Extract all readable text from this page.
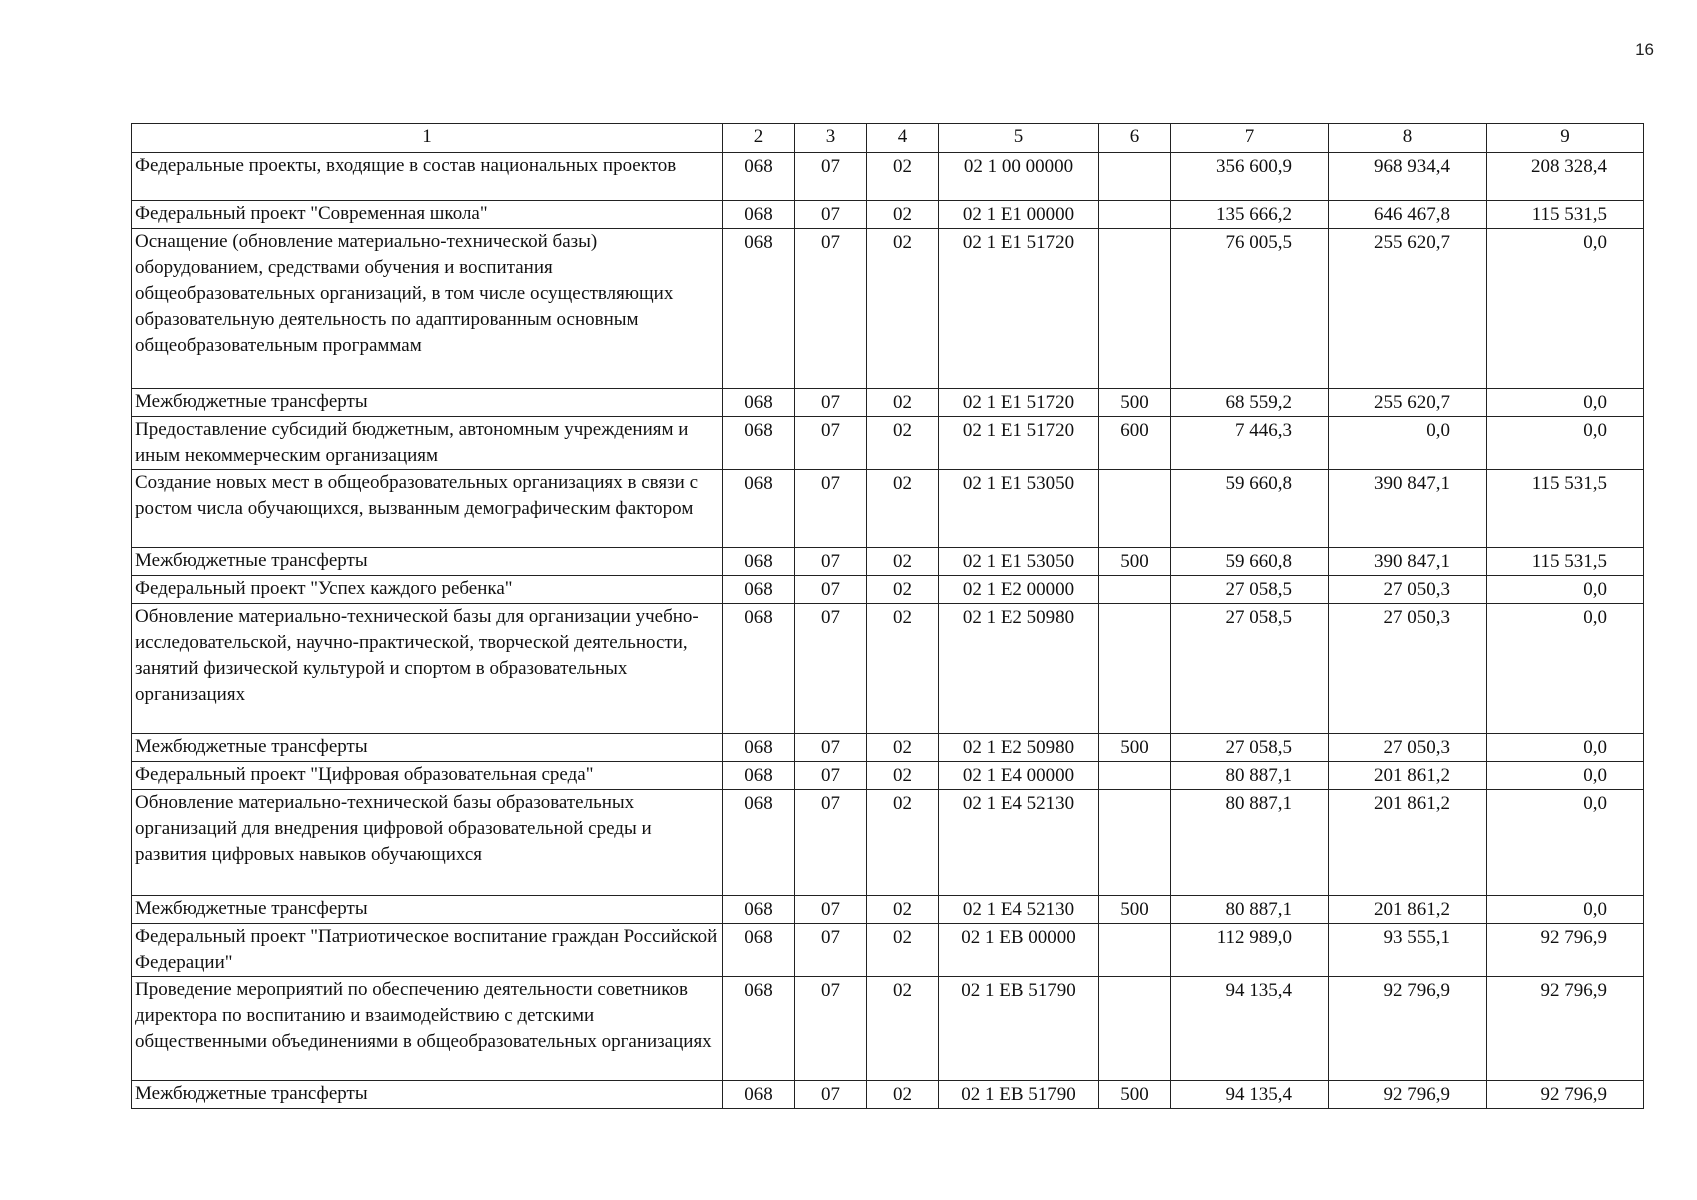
16
1	2	3	4	5	6	7	8	9
Федеральные проекты, входящие в состав национальных проектов	068	07	02	02 1 00 00000		356 600,9	968 934,4	208 328,4
Федеральный проект "Современная школа"	068	07	02	02 1 E1 00000		135 666,2	646 467,8	115 531,5
Оснащение (обновление материально-технической базы) оборудованием, средствами обучения и воспитания общеобразовательных организаций, в том числе осуществляющих образовательную деятельность по адаптированным основным общеобразовательным программам	068	07	02	02 1 E1 51720		76 005,5	255 620,7	0,0
Межбюджетные трансферты	068	07	02	02 1 E1 51720	500	68 559,2	255 620,7	0,0
Предоставление субсидий бюджетным, автономным учреждениям и иным некоммерческим организациям	068	07	02	02 1 E1 51720	600	7 446,3	0,0	0,0
Создание новых мест в общеобразовательных организациях в связи с ростом числа обучающихся, вызванным демографическим фактором	068	07	02	02 1 E1 53050		59 660,8	390 847,1	115 531,5
Межбюджетные трансферты	068	07	02	02 1 E1 53050	500	59 660,8	390 847,1	115 531,5
Федеральный проект "Успех каждого ребенка"	068	07	02	02 1 E2 00000		27 058,5	27 050,3	0,0
Обновление материально-технической базы для организации учебно-исследовательской, научно-практической, творческой деятельности, занятий физической культурой и спортом в образовательных организациях	068	07	02	02 1 E2 50980		27 058,5	27 050,3	0,0
Межбюджетные трансферты	068	07	02	02 1 E2 50980	500	27 058,5	27 050,3	0,0
Федеральный проект "Цифровая образовательная среда"	068	07	02	02 1 E4 00000		80 887,1	201 861,2	0,0
Обновление материально-технической базы образовательных организаций для внедрения цифровой образовательной среды и развития цифровых навыков обучающихся	068	07	02	02 1 E4 52130		80 887,1	201 861,2	0,0
Межбюджетные трансферты	068	07	02	02 1 E4 52130	500	80 887,1	201 861,2	0,0
Федеральный проект "Патриотическое воспитание граждан Российской Федерации"	068	07	02	02 1 EB 00000		112 989,0	93 555,1	92 796,9
Проведение мероприятий по обеспечению деятельности советников директора по воспитанию и взаимодействию с детскими общественными объединениями в общеобразовательных организациях	068	07	02	02 1 EB 51790		94 135,4	92 796,9	92 796,9
Межбюджетные трансферты	068	07	02	02 1 EB 51790	500	94 135,4	92 796,9	92 796,9
